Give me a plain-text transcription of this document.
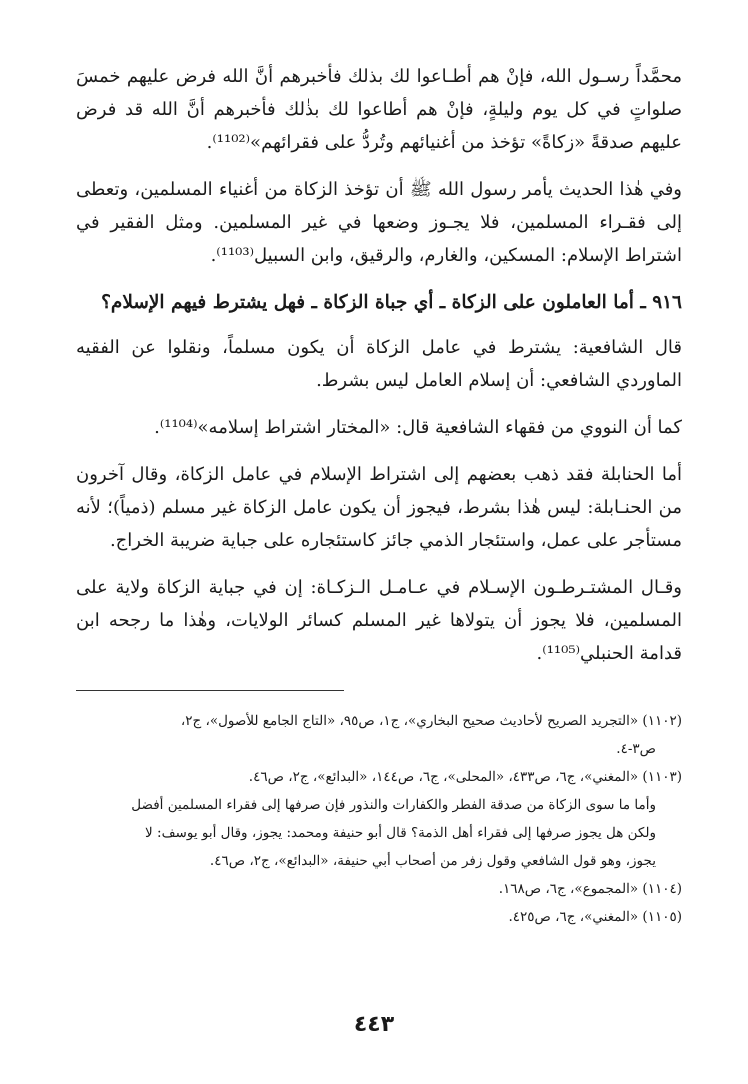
محمَّداً رسـول الله، فإنْ هم أطـاعوا لك بذلك فأخبرهم أنَّ الله فرض عليهم خمسَ صلواتٍ في كل يوم وليلةٍ، فإنْ هم أطاعوا لك بذٰلك فأخبرهم أنَّ الله قد فرض عليهم صدقةً «زكاةً» تؤخذ من أغنيائهم وتُردُّ على فقرائهم»⁽¹¹⁰²⁾.

وفي هٰذا الحديث يأمر رسول الله ﷺ أن تؤخذ الزكاة من أغنياء المسلمين، وتعطى إلى فقـراء المسلمين، فلا يجـوز وضعها في غير المسلمين. ومثل الفقير في اشتراط الإسلام: المسكين، والغارم، والرقيق، وابن السبيل⁽¹¹⁰³⁾.

٩١٦ ـ أما العاملون على الزكاة ـ أي جباة الزكاة ـ فهل يشترط فيهم الإسلام؟

قال الشافعية: يشترط في عامل الزكاة أن يكون مسلماً، ونقلوا عن الفقيه الماوردي الشافعي: أن إسلام العامل ليس بشرط.

كما أن النووي من فقهاء الشافعية قال: «المختار اشتراط إسلامه»⁽¹¹⁰⁴⁾.

أما الحنابلة فقد ذهب بعضهم إلى اشتراط الإسلام في عامل الزكاة، وقال آخرون من الحنـابلة: ليس هٰذا بشرط، فيجوز أن يكون عامل الزكاة غير مسلم (ذمياً)؛ لأنه مستأجر على عمل، واستئجار الذمي جائز كاستئجاره على جباية ضريبة الخراج.

وقـال المشتـرطـون الإسـلام في عـامـل الـزكـاة: إن في جباية الزكاة ولاية على المسلمين، فلا يجوز أن يتولاها غير المسلم كسائر الولايات، وهٰذا ما رجحه ابن قدامة الحنبلي⁽¹¹⁰⁵⁾.

(١١٠٢) «التجريد الصريح لأحاديث صحيح البخاري»، ج١، ص٩٥، «التاج الجامع للأصول»، ج٢،

ص٣-٤.

(١١٠٣) «المغني»، ج٦، ص٤٣٣، «المحلى»، ج٦، ص١٤٤، «البدائع»، ج٢، ص٤٦.

وأما ما سوى الزكاة من صدقة الفطر والكفارات والنذور فإن صرفها إلى فقراء المسلمين أفضل

ولكن هل يجوز صرفها إلى فقراء أهل الذمة؟ قال أبو حنيفة ومحمد: يجوز، وقال أبو يوسف: لا

يجوز، وهو قول الشافعي وقول زفر من أصحاب أبي حنيفة، «البدائع»، ج٢، ص٤٦.

(١١٠٤) «المجموع»، ج٦، ص١٦٨.

(١١٠٥) «المغني»، ج٦، ص٤٢٥.

٤٤٣
